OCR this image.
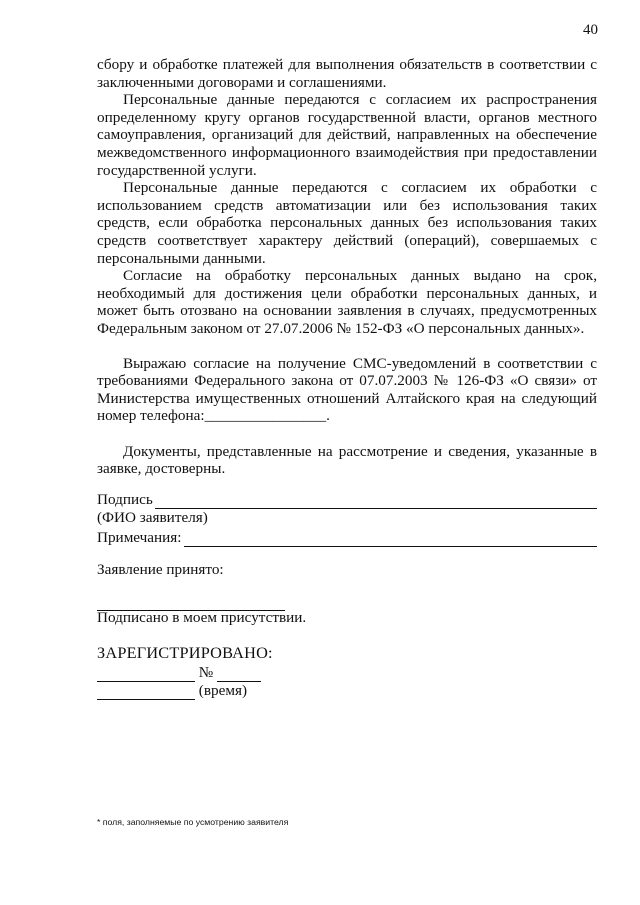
40

сбору и обработке платежей для выполнения обязательств в соответствии с заключенными договорами и соглашениями.

Персональные данные передаются с согласием их распространения определенному кругу органов государственной власти, органов местного самоуправления, организаций для действий, направленных на обеспечение межведомственного информационного взаимодействия при предоставлении государственной услуги.

Персональные данные передаются с согласием их обработки с использованием средств автоматизации или без использования таких средств, если обработка персональных данных без использования таких средств соответствует характеру действий (операций), совершаемых с персональными данными.

Согласие на обработку персональных данных выдано на срок, необходимый для достижения цели обработки персональных данных, и может быть отозвано на основании заявления в случаях, предусмотренных Федеральным законом от 27.07.2006 № 152-ФЗ «О персональных данных».

Выражаю согласие на получение СМС-уведомлений в соответствии с требованиями Федерального закона от 07.07.2003 № 126-ФЗ «О связи» от Министерства имущественных отношений Алтайского края на следующий номер телефона:________________.

Документы, представленные на рассмотрение и сведения, указанные в заявке, достоверны.

Подпись
(ФИО заявителя)
Примечания:
Заявление принято:
Подписано в моем присутствии.
ЗАРЕГИСТРИРОВАНО:
№
(время)
* поля, заполняемые по усмотрению заявителя
